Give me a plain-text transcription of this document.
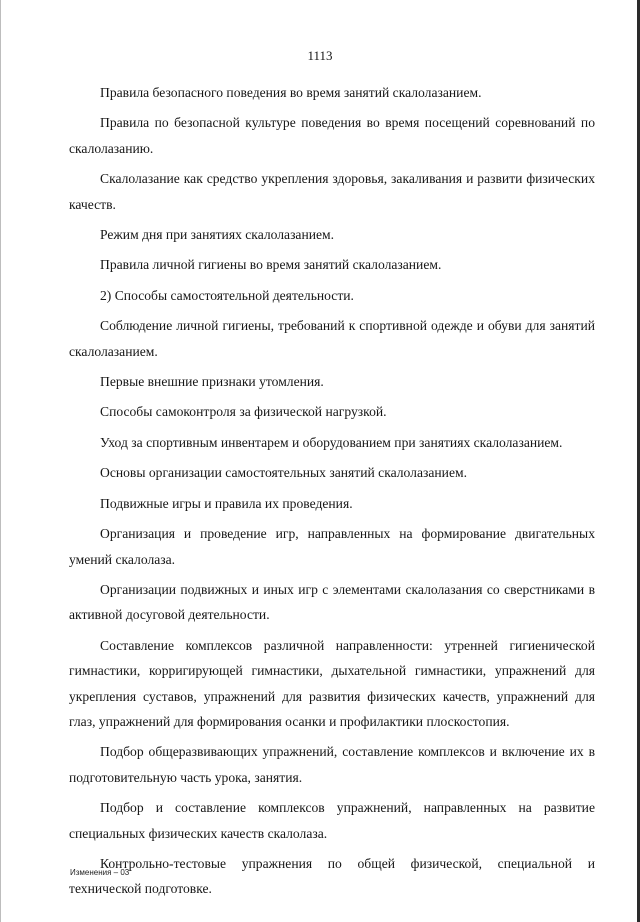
1113

Правила безопасного поведения во время занятий скалолазанием.

Правила по безопасной культуре поведения во время посещений соревнований по скалолазанию.

Скалолазание как средство укрепления здоровья, закаливания и развити физических качеств.

Режим дня при занятиях скалолазанием.

Правила личной гигиены во время занятий скалолазанием.

2) Способы самостоятельной деятельности.

Соблюдение личной гигиены, требований к спортивной одежде и обуви для занятий скалолазанием.

Первые внешние признаки утомления.

Способы самоконтроля за физической нагрузкой.

Уход за спортивным инвентарем и оборудованием при занятиях скалолазанием.

Основы организации самостоятельных занятий скалолазанием.

Подвижные игры и правила их проведения.

Организация и проведение игр, направленных на формирование двигательных умений скалолаза.

Организации подвижных и иных игр с элементами скалолазания со сверстниками в активной досуговой деятельности.

Составление комплексов различной направленности: утренней гигиенической гимнастики, корригирующей гимнастики, дыхательной гимнастики, упражнений для укрепления суставов, упражнений для развития физических качеств, упражнений для глаз, упражнений для формирования осанки и профилактики плоскостопия.

Подбор общеразвивающих упражнений, составление комплексов и включение их в подготовительную часть урока, занятия.

Подбор и составление комплексов упражнений, направленных на развитие специальных физических качеств скалолаза.

Контрольно-тестовые упражнения по общей физической, специальной и технической подготовке.

Изменения – 03
